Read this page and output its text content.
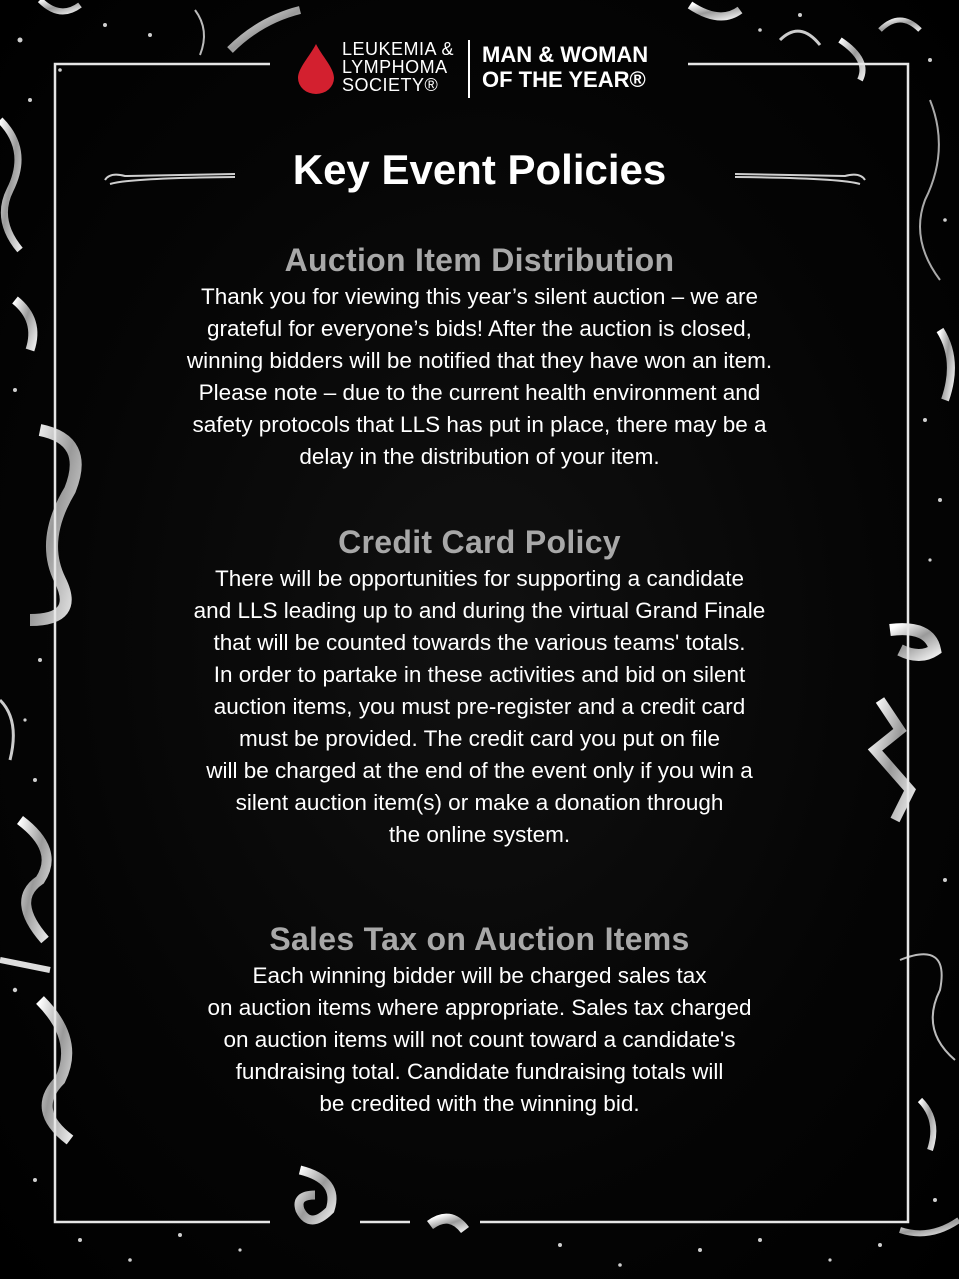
LEUKEMIA &
LYMPHOMA
SOCIETY®
MAN & WOMAN
OF THE YEAR®
Key Event Policies
Auction Item Distribution

Thank you for viewing this year’s silent auction – we are
grateful for everyone’s bids! After the auction is closed,
winning bidders will be notified that they have won an item.
Please note – due to the current health environment and
safety protocols that LLS has put in place, there may be a
delay in the distribution of your item.

Credit Card Policy

There will be opportunities for supporting a candidate
and LLS leading up to and during the virtual Grand Finale
that will be counted towards the various teams' totals.
In order to partake in these activities and bid on silent
auction items, you must pre-register and a credit card
must be provided. The credit card you put on file
will be charged at the end of the event only if you win a
silent auction item(s) or make a donation through
the online system.

Sales Tax on Auction Items

Each winning bidder will be charged sales tax
on auction items where appropriate. Sales tax charged
on auction items will not count toward a candidate's
fundraising total. Candidate fundraising totals will
be credited with the winning bid.
